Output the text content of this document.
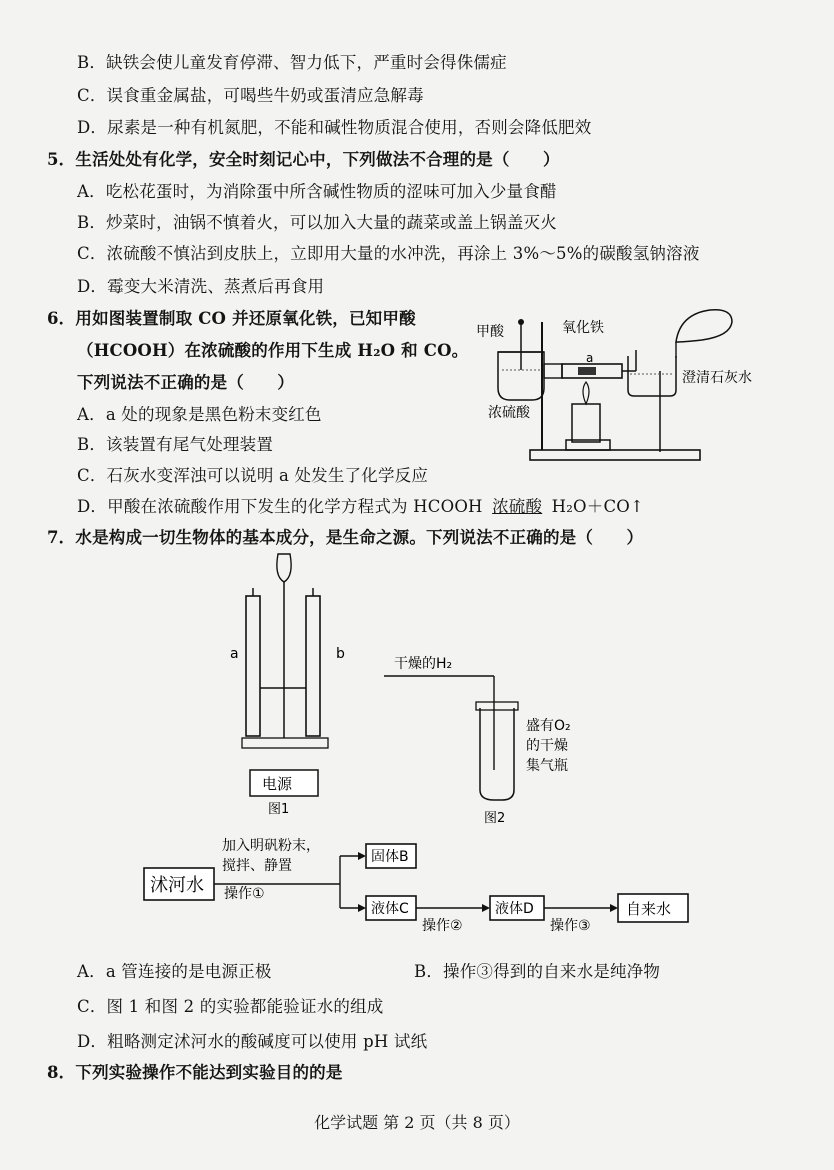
B．缺铁会使儿童发育停滞、智力低下，严重时会得侏儒症
C．误食重金属盐，可喝些牛奶或蛋清应急解毒
D．尿素是一种有机氮肥，不能和碱性物质混合使用，否则会降低肥效
5．生活处处有化学，安全时刻记心中，下列做法不合理的是（　　）
A．吃松花蛋时，为消除蛋中所含碱性物质的涩味可加入少量食醋
B．炒菜时，油锅不慎着火，可以加入大量的蔬菜或盖上锅盖灭火
C．浓硫酸不慎沾到皮肤上，立即用大量的水冲洗，再涂上 3%～5%的碳酸氢钠溶液
D．霉变大米清洗、蒸煮后再食用
6．用如图装置制取 CO 并还原氧化铁，已知甲酸
（HCOOH）在浓硫酸的作用下生成 H₂O 和 CO。
下列说法不正确的是（　　）
A．a 处的现象是黑色粉末变红色
B．该装置有尾气处理装置
C．石灰水变浑浊可以说明 a 处发生了化学反应
D．甲酸在浓硫酸作用下发生的化学方程式为 HCOOH 浓硫酸 H₂O＋CO↑
甲酸	氧化铁
澄清石灰水
浓硫酸
a
7．水是构成一切生物体的基本成分，是生命之源。下列说法不正确的是（　　）
a	b
电源
图1
干燥的H₂
盛有O₂
的干燥
集气瓶
图2
沭河水
加入明矾粉末，
搅拌、静置
操作①
固体B
液体C
操作②
液体D
操作③
自来水
A．a 管连接的是电源正极	B．操作③得到的自来水是纯净物
C．图 1 和图 2 的实验都能验证水的组成
D．粗略测定沭河水的酸碱度可以使用 pH 试纸
8．下列实验操作不能达到实验目的的是
化学试题 第 2 页（共 8 页）
